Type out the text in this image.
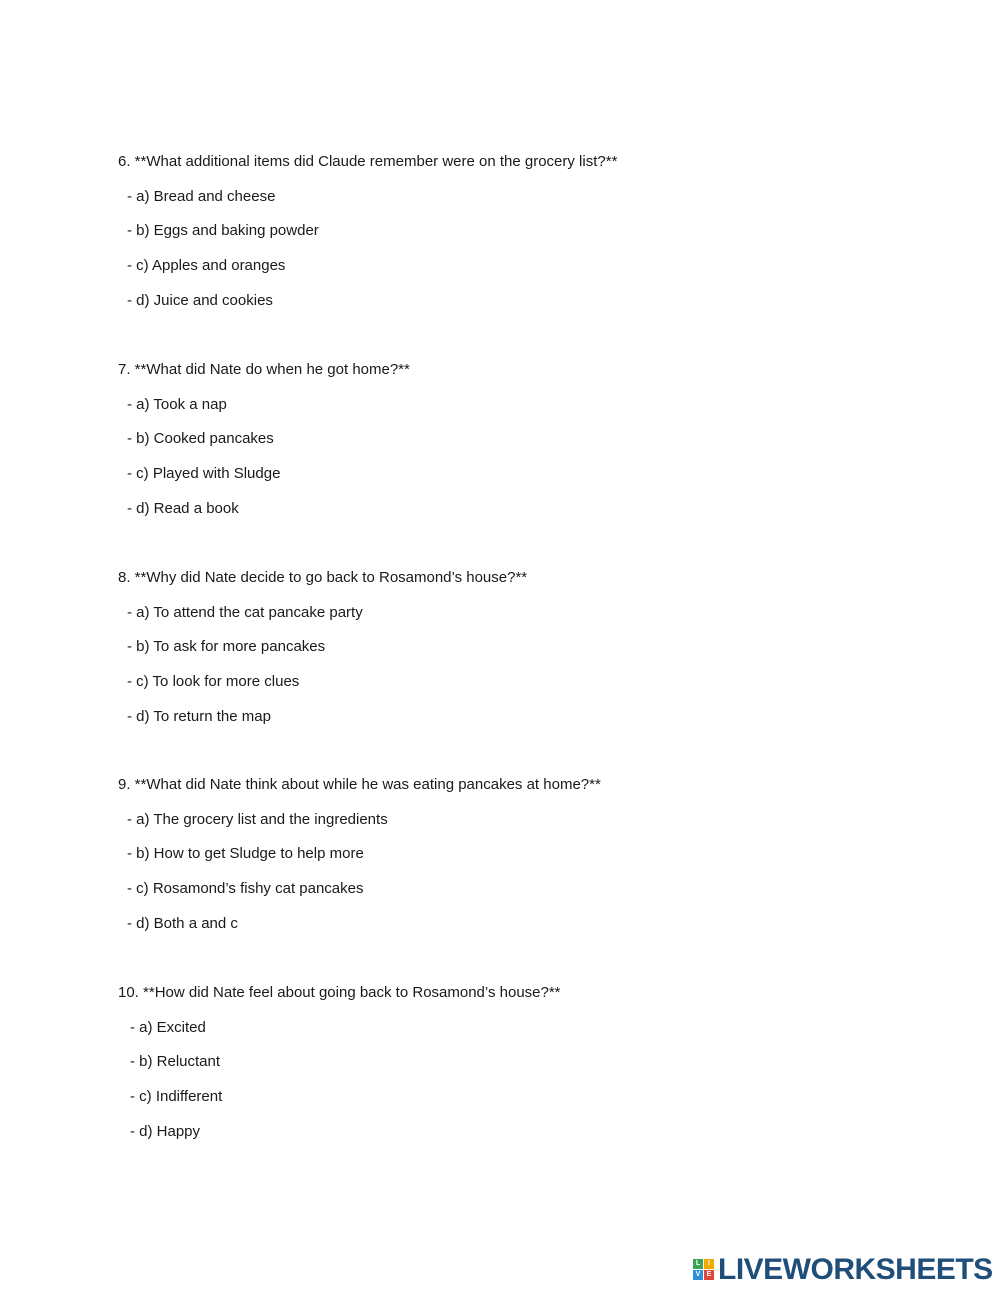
6. **What additional items did Claude remember were on the grocery list?**
- a) Bread and cheese
- b) Eggs and baking powder
- c) Apples and oranges
- d) Juice and cookies
7. **What did Nate do when he got home?**
- a) Took a nap
- b) Cooked pancakes
- c) Played with Sludge
- d) Read a book
8. **Why did Nate decide to go back to Rosamond’s house?**
- a) To attend the cat pancake party
- b) To ask for more pancakes
- c) To look for more clues
- d) To return the map
9. **What did Nate think about while he was eating pancakes at home?**
- a) The grocery list and the ingredients
- b) How to get Sludge to help more
- c) Rosamond’s fishy cat pancakes
- d) Both a and c
10. **How did Nate feel about going back to Rosamond’s house?**
- a) Excited
- b) Reluctant
- c) Indifferent
- d) Happy
L	I
V E LIVEWORKSHEETS
